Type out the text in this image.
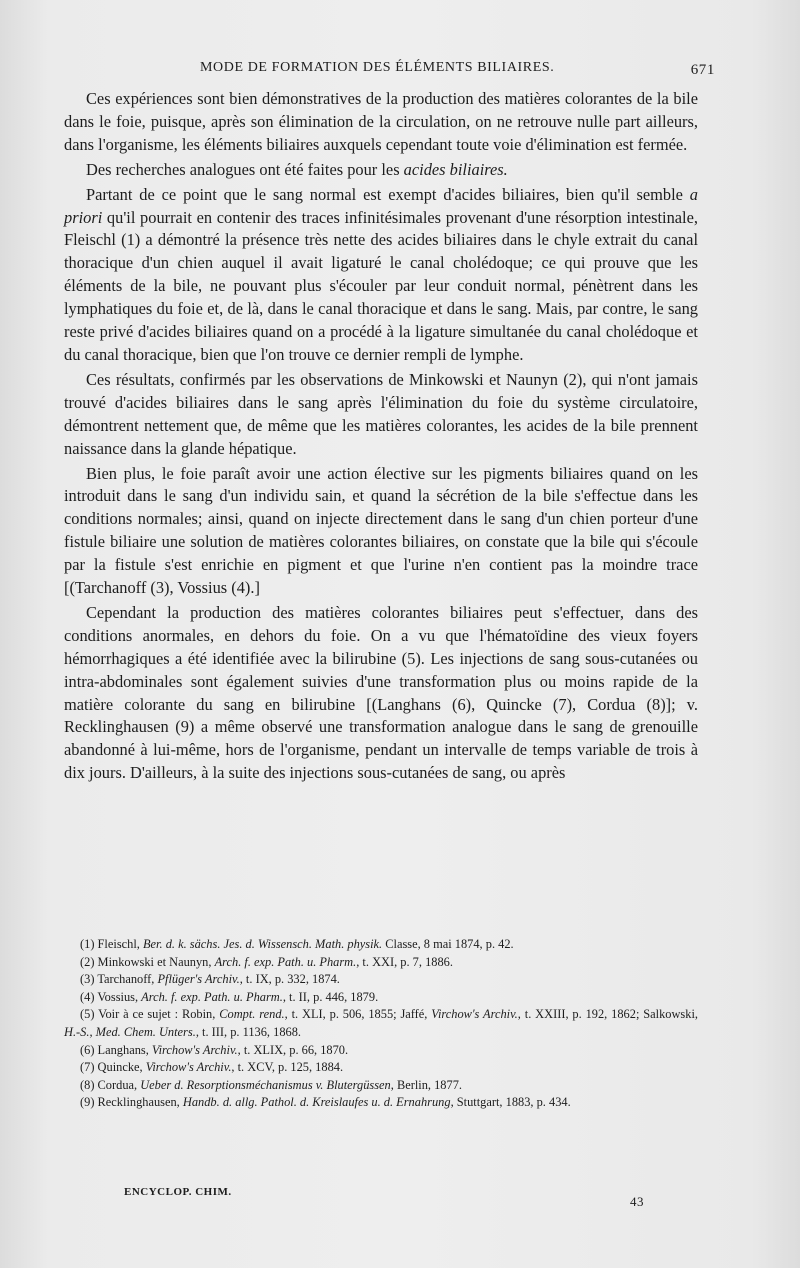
MODE DE FORMATION DES ÉLÉMENTS BILIAIRES.	671

Ces expériences sont bien démonstratives de la production des matières colorantes de la bile dans le foie, puisque, après son élimination de la circulation, on ne retrouve nulle part ailleurs, dans l'organisme, les éléments biliaires auxquels cependant toute voie d'élimination est fermée.

Des recherches analogues ont été faites pour les acides biliaires.

Partant de ce point que le sang normal est exempt d'acides biliaires, bien qu'il semble a priori qu'il pourrait en contenir des traces infinitésimales provenant d'une résorption intestinale, Fleischl (1) a démontré la présence très nette des acides biliaires dans le chyle extrait du canal thoracique d'un chien auquel il avait ligaturé le canal cholédoque; ce qui prouve que les éléments de la bile, ne pouvant plus s'écouler par leur conduit normal, pénètrent dans les lymphatiques du foie et, de là, dans le canal thoracique et dans le sang. Mais, par contre, le sang reste privé d'acides biliaires quand on a procédé à la ligature simultanée du canal cholédoque et du canal thoracique, bien que l'on trouve ce dernier rempli de lymphe.

Ces résultats, confirmés par les observations de Minkowski et Naunyn (2), qui n'ont jamais trouvé d'acides biliaires dans le sang après l'élimination du foie du système circulatoire, démontrent nettement que, de même que les matières colorantes, les acides de la bile prennent naissance dans la glande hépatique.

Bien plus, le foie paraît avoir une action élective sur les pigments biliaires quand on les introduit dans le sang d'un individu sain, et quand la sécrétion de la bile s'effectue dans les conditions normales; ainsi, quand on injecte directement dans le sang d'un chien porteur d'une fistule biliaire une solution de matières colorantes biliaires, on constate que la bile qui s'écoule par la fistule s'est enrichie en pigment et que l'urine n'en contient pas la moindre trace [(Tarchanoff (3), Vossius (4).]

Cependant la production des matières colorantes biliaires peut s'effectuer, dans des conditions anormales, en dehors du foie. On a vu que l'hématoïdine des vieux foyers hémorrhagiques a été identifiée avec la bilirubine (5). Les injections de sang sous-cutanées ou intra-abdominales sont également suivies d'une transformation plus ou moins rapide de la matière colorante du sang en bilirubine [(Langhans (6), Quincke (7), Cordua (8)]; v. Recklinghausen (9) a même observé une transformation analogue dans le sang de grenouille abandonné à lui-même, hors de l'organisme, pendant un intervalle de temps variable de trois à dix jours. D'ailleurs, à la suite des injections sous-cutanées de sang, ou après

(1) Fleischl, Ber. d. k. sächs. Jes. d. Wissensch. Math. physik. Classe, 8 mai 1874, p. 42.

(2) Minkowski et Naunyn, Arch. f. exp. Path. u. Pharm., t. XXI, p. 7, 1886.

(3) Tarchanoff, Pflüger's Archiv., t. IX, p. 332, 1874.

(4) Vossius, Arch. f. exp. Path. u. Pharm., t. II, p. 446, 1879.

(5) Voir à ce sujet : Robin, Compt. rend., t. XLI, p. 506, 1855; Jaffé, Virchow's Archiv., t. XXIII, p. 192, 1862; Salkowski, H.-S., Med. Chem. Unters., t. III, p. 1136, 1868.

(6) Langhans, Virchow's Archiv., t. XLIX, p. 66, 1870.

(7) Quincke, Virchow's Archiv., t. XCV, p. 125, 1884.

(8) Cordua, Ueber d. Resorptionsméchanismus v. Blutergüssen, Berlin, 1877.

(9) Recklinghausen, Handb. d. allg. Pathol. d. Kreislaufes u. d. Ernahrung, Stuttgart, 1883, p. 434.

ENCYCLOP. CHIM.
43
